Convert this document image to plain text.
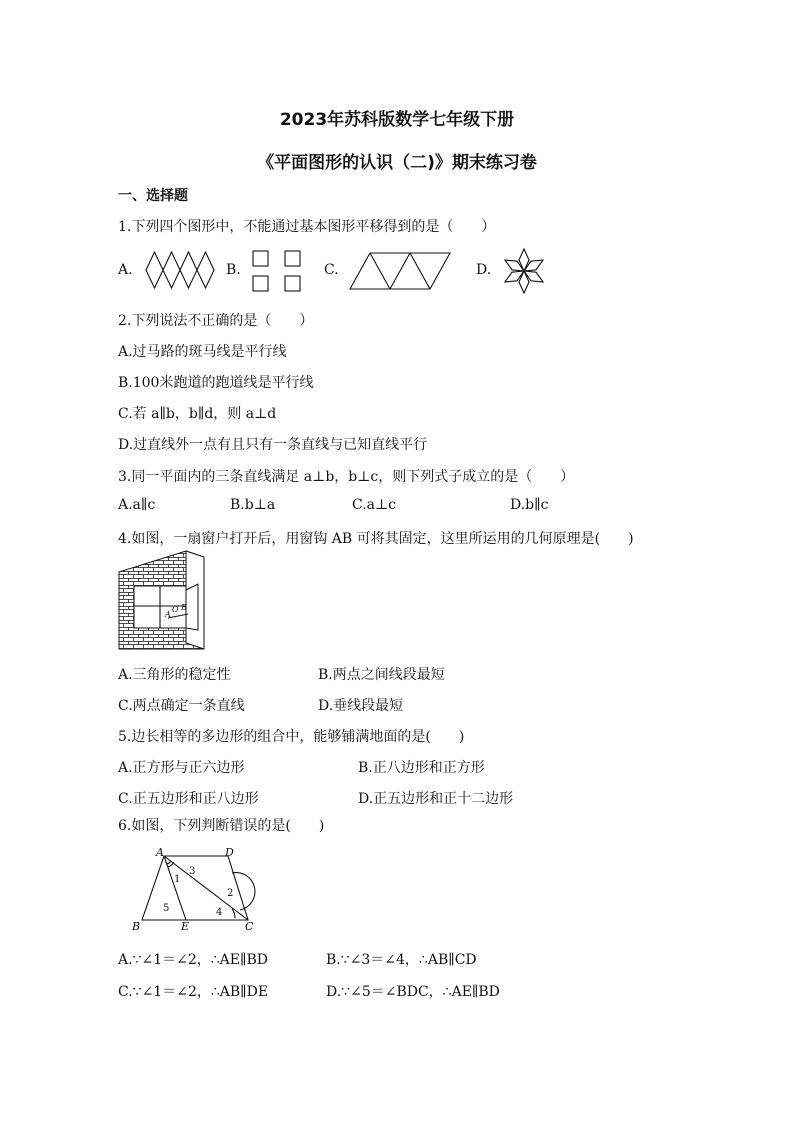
2023年苏科版数学七年级下册
《平面图形的认识（二)》期末练习卷
一、选择题
1.下列四个图形中，不能通过基本图形平移得到的是（　　）
A.	B.	C.	D.
2.下列说法不正确的是（　　）
A.过马路的斑马线是平行线
B.100米跑道的跑道线是平行线
C.若 a∥b，b∥d，则 a⊥d
D.过直线外一点有且只有一条直线与已知直线平行
3.同一平面内的三条直线满足 a⊥b，b⊥c，则下列式子成立的是（　　）
A.a∥c	B.b⊥a	C.a⊥c	D.b∥c
4.如图，一扇窗户打开后，用窗钩 AB 可将其固定，这里所运用的几何原理是(　　)
A
O B
A.三角形的稳定性	B.两点之间线段最短
C.两点确定一条直线	D.垂线段最短
5.边长相等的多边形的组合中，能够铺满地面的是(　　)
A.正方形与正六边形	B.正八边形和正方形
C.正五边形和正八边形	D.正五边形和正十二边形
6.如图，下列判断错误的是(　　)
A	D
B	E	C
1
3
2
4
5
A.∵∠1＝∠2，∴AE∥BD	B.∵∠3＝∠4，∴AB∥CD
C.∵∠1＝∠2，∴AB∥DE	D.∵∠5＝∠BDC，∴AE∥BD
